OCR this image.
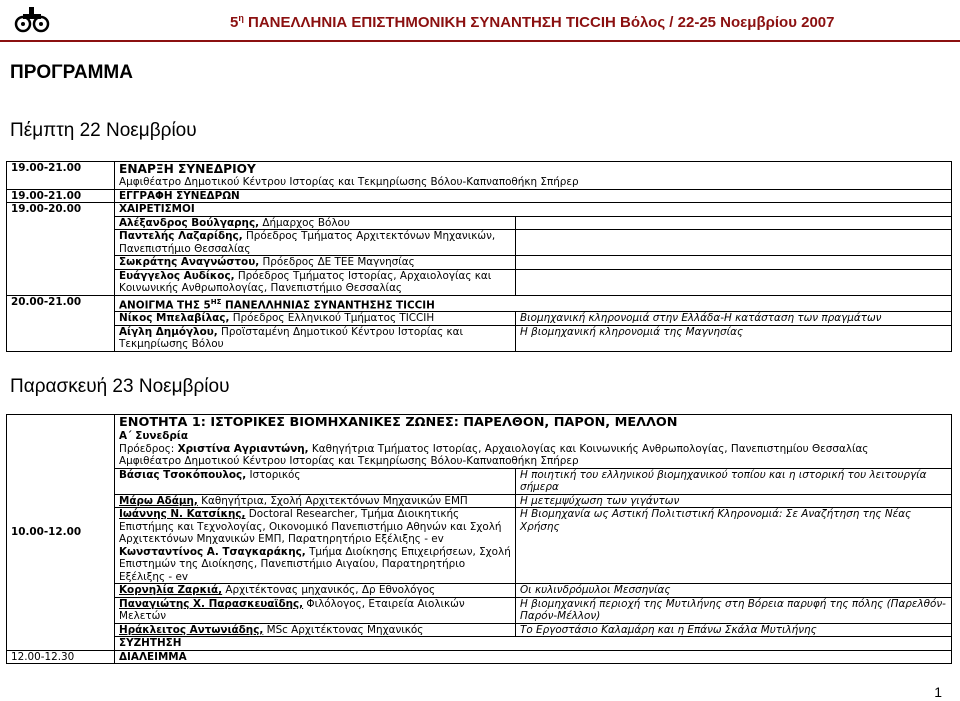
$5^\eta$ ΠΑΝΕΛΛΗΝΙΑ ΕΠΙΣΤΗΜΟΝΙΚΗ ΣΥΝΑΝΤΗΣΗ TICCIH Βόλος / 22-25 Νοεμβρίου 2007
ΠΡΟΓΡΑΜΜΑ
Πέμπτη 22 Νοεμβρίου
19.00-21.00	ΕΝΑΡΞΗ ΣΥΝΕΔΡΙΟΥ
Αμφιθέατρο Δημοτικού Κέντρου Ιστορίας και Τεκμηρίωσης Βόλου-Καπναποθήκη Σπήρερ	

19.00-21.00	ΕΓΓΡΑΦΗ ΣΥΝΕΔΡΩΝ	
19.00-20.00	ΧΑΙΡΕΤΙΣΜΟΙ	
	Αλέξανδρος Βούλγαρης, Δήμαρχος Βόλου	
	Παντελής Λαζαρίδης, Πρόεδρος Τμήματος Αρχιτεκτόνων Μηχανικών, Πανεπιστήμιο Θεσσαλίας	
	Σωκράτης Αναγνώστου, Πρόεδρος ΔΕ ΤΕΕ Μαγνησίας	
	Ευάγγελος Αυδίκος, Πρόεδρος Τμήματος Ιστορίας, Αρχαιολογίας και Κοινωνικής Ανθρωπολογίας, Πανεπιστήμιο Θεσσαλίας	
20.00-21.00	ΑΝΟΙΓΜΑ ΤΗΣ $5^{H\Sigma}$ ΠΑΝΕΛΛΗΝΙΑΣ ΣΥΝΑΝΤΗΣΗΣ TICCIH	
	Νίκος Μπελαβίλας, Πρόεδρος Ελληνικού Τμήματος TICCIH	Βιομηχανική κληρονομιά στην Ελλάδα-Η κατάσταση των πραγμάτων
	Αίγλη Δημόγλου, Προϊσταμένη Δημοτικού Κέντρου Ιστορίας και Τεκμηρίωσης Βόλου	Η βιομηχανική κληρονομιά της Μαγνησίας
Παρασκευή 23 Νοεμβρίου
10.00-12.00	ΕΝΟΤΗΤΑ 1: ΙΣΤΟΡΙΚΕΣ ΒΙΟΜΗΧΑΝΙΚΕΣ ΖΩΝΕΣ: ΠΑΡΕΛΘΟΝ, ΠΑΡΟΝ, ΜΕΛΛΟΝ
Α΄ Συνεδρία
Πρόεδρος: Χριστίνα Αγριαντώνη, Καθηγήτρια Τμήματος Ιστορίας, Αρχαιολογίας και Κοινωνικής Ανθρωπολογίας, Πανεπιστημίου Θεσσαλίας
Αμφιθέατρο Δημοτικού Κέντρου Ιστορίας και Τεκμηρίωσης Βόλου-Καπναποθήκη Σπήρερ	

	Βάσιας Τσοκόπουλος, Ιστορικός	Η ποιητική του ελληνικού βιομηχανικού τοπίου και η ιστορική του λειτουργία σήμερα
	Μάρω Αδάμη, Καθηγήτρια, Σχολή Αρχιτεκτόνων Μηχανικών ΕΜΠ	Η μετεμψύχωση των γιγάντων
	Ιωάννης Ν. Κατσίκης, Doctoral Researcher, Τμήμα Διοικητικής Επιστήμης και Τεχνολογίας, Οικονομικό Πανεπιστήμιο Αθηνών και Σχολή Αρχιτεκτόνων Μηχανικών ΕΜΠ, Παρατηρητήριο Εξέλιξης - ev Κωνσταντίνος Α. Τσαγκαράκης, Τμήμα Διοίκησης Επιχειρήσεων, Σχολή Επιστημών της Διοίκησης, Πανεπιστήμιο Αιγαίου, Παρατηρητήριο Εξέλιξης - ev	Η Βιομηχανία ως Αστική Πολιτιστική Κληρονομιά: Σε Αναζήτηση της Νέας Χρήσης
	Κορνηλία Ζαρκιά, Αρχιτέκτονας μηχανικός, Δρ Εθνολόγος	Οι κυλινδρόμυλοι Μεσσηνίας
	Παναγιώτης Χ. Παρασκευαΐδης, Φιλόλογος, Εταιρεία Αιολικών Μελετών	Η βιομηχανική περιοχή της Μυτιλήνης στη Βόρεια παρυφή της πόλης (Παρελθόν- Παρόν-Μέλλον)
	Ηράκλειτος Αντωνιάδης, MSc Αρχιτέκτονας Μηχανικός	Το Εργοστάσιο Καλαμάρη και η Επάνω Σκάλα Μυτιλήνης
	ΣΥΖΗΤΗΣΗ	
12.00-12.30	ΔΙΑΛΕΙΜΜΑ	
1
